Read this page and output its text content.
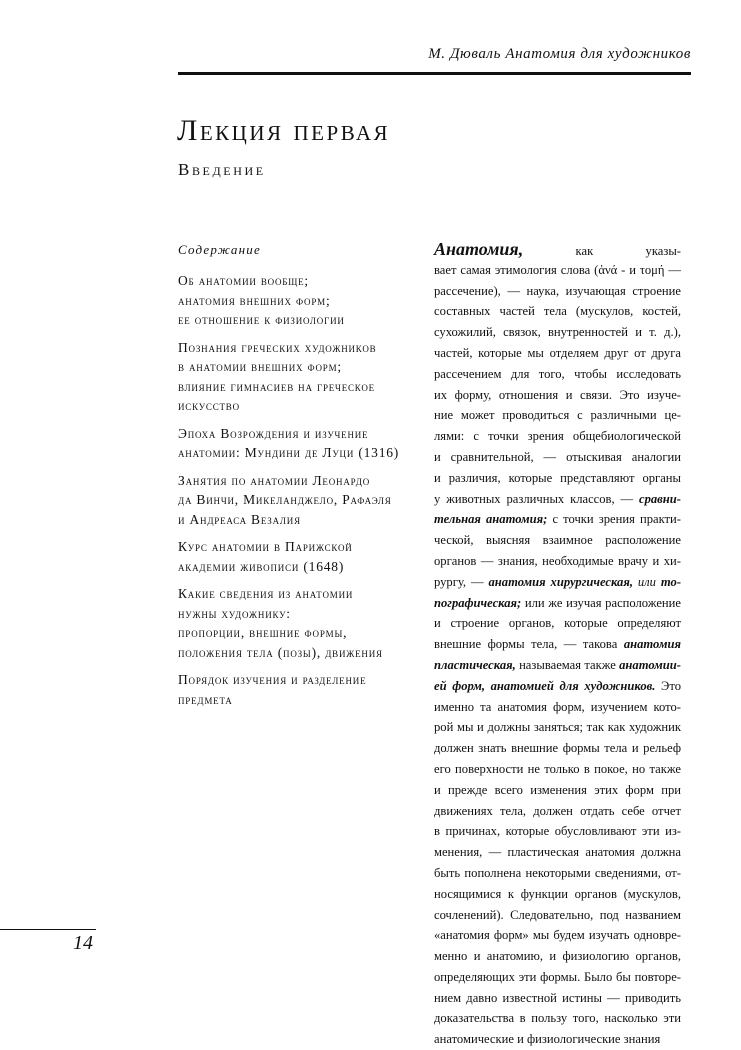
М. Дюваль Анатомия для художников
Лекция первая
Введение
Содержание
Об анатомии вообще;
анатомия внешних форм;
ее отношение к физиологии
Познания греческих художников
в анатомии внешних форм;
влияние гимнасиев на греческое
искусство
Эпоха Возрождения и изучение
анатомии: Мундини де Луци (1316)
Занятия по анатомии Леонардо
да Винчи, Микеланджело, Рафаэля
и Андреаса Везалия
Курс анатомии в Парижской
академии живописи (1648)
Какие сведения из анатомии
нужны художнику:
пропорции, внешние формы,
положения тела (позы), движения
Порядок изучения и разделение
предмета
Анатомия, как указы-
вает самая этимология слова (ἀνά - и τομή —
рассечение), — наука, изучающая строение
составных частей тела (мускулов, костей,
сухожилий, связок, внутренностей и т. д.),
частей, которые мы отделяем друг от друга
рассечением для того, чтобы исследовать
их форму, отношения и связи. Это изуче-
ние может проводиться с различными це-
лями: с точки зрения общебиологической
и сравнительной, — отыскивая аналогии
и различия, которые представляют органы
у животных различных классов, — сравни-
тельная анатомия; с точки зрения практи-
ческой, выясняя взаимное расположение
органов — знания, необходимые врачу и хи-
рургу, — анатомия хирургическая, или то-
пографическая; или же изучая расположение
и строение органов, которые определяют
внешние формы тела, — такова анатомия
пластическая, называемая также анатомии-
ей форм, анатомией для художников. Это
именно та анатомия форм, изучением кото-
рой мы и должны заняться; так как художник
должен знать внешние формы тела и рельеф
его поверхности не только в покое, но также
и прежде всего изменения этих форм при
движениях тела, должен отдать себе отчет
в причинах, которые обусловливают эти из-
менения, — пластическая анатомия должна
быть пополнена некоторыми сведениями, от-
носящимися к функции органов (мускулов,
сочленений). Следовательно, под названием
«анатомия форм» мы будем изучать одновре-
менно и анатомию, и физиологию органов,
определяющих эти формы. Было бы повторе-
нием давно известной истины — приводить
доказательства в пользу того, насколько эти
анатомические и физиологические знания
14
